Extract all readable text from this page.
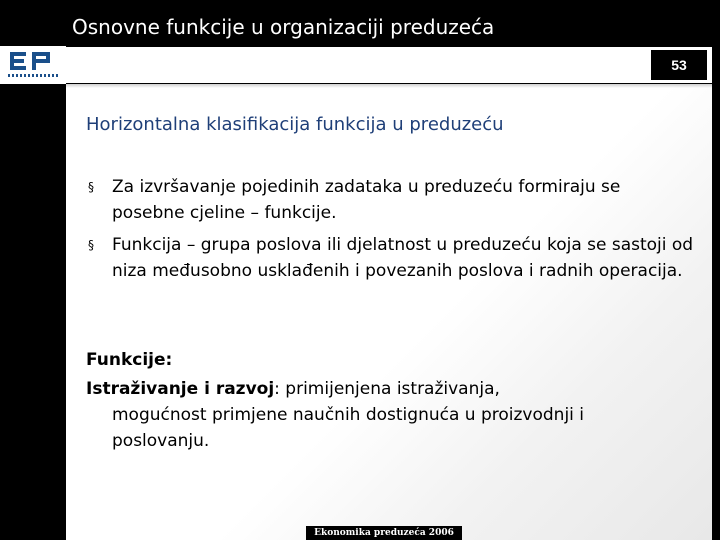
Osnovne funkcije u organizaciji preduzeća
53
Horizontalna klasifikacija funkcija u preduzeću
§ Za izvršavanje pojedinih zadataka u preduzeću formiraju se posebne cjeline – funkcije.
§ Funkcija – grupa poslova ili djelatnost u preduzeću koja se sastoji od niza međusobno usklađenih i povezanih poslova i radnih operacija.
Funkcije:
Istraživanje i razvoj: primijenjena istraživanja,
mogućnost primjene naučnih dostignuća u proizvodnji i poslovanju.
Ekonomika preduzeća 2006
